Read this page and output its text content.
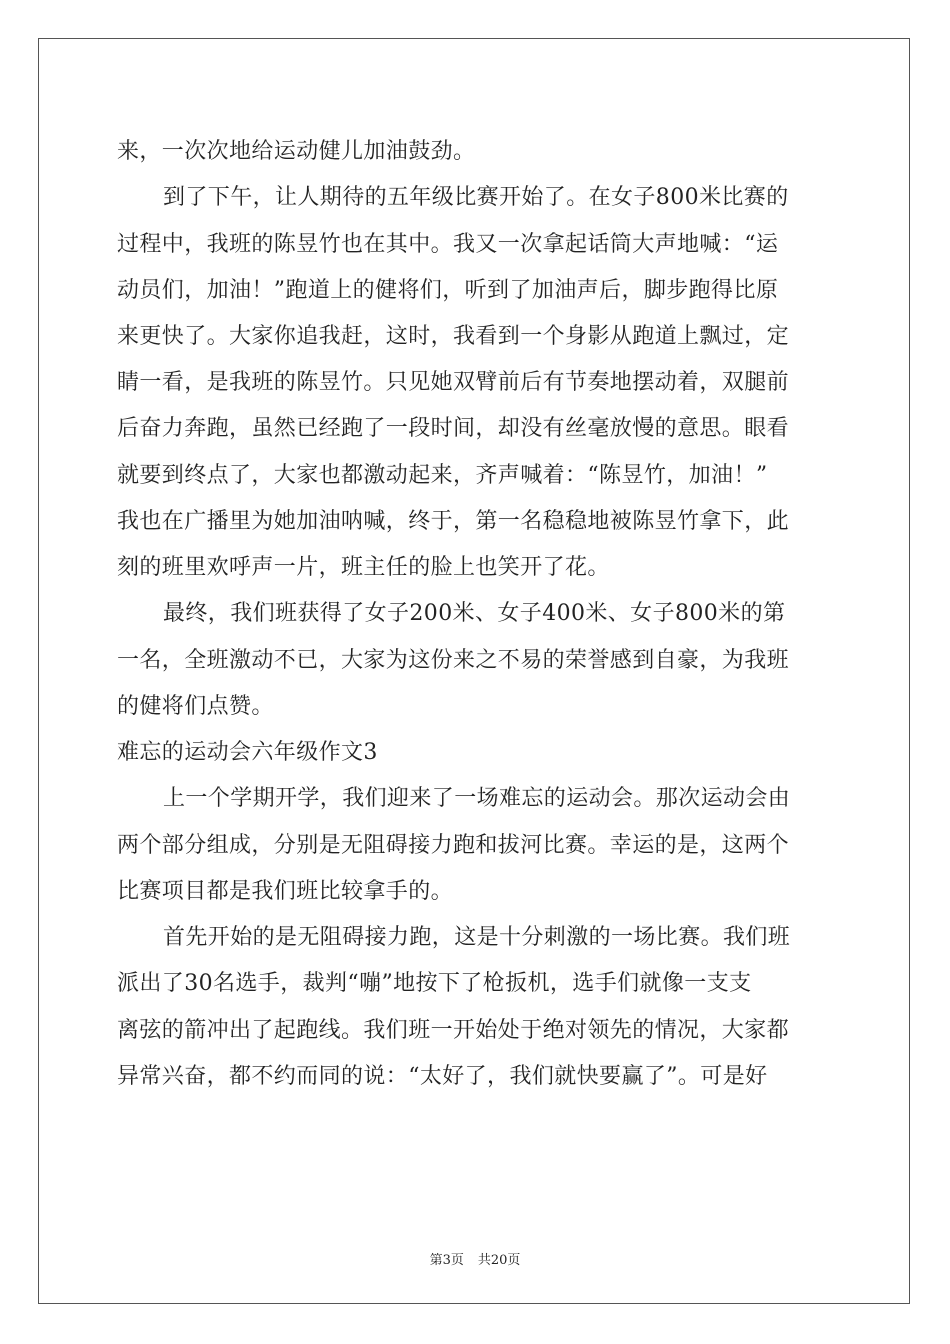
来，一次次地给运动健儿加油鼓劲。

到了下午，让人期待的五年级比赛开始了。在女子800米比赛的

过程中，我班的陈昱竹也在其中。我又一次拿起话筒大声地喊：“运

动员们，加油！”跑道上的健将们，听到了加油声后，脚步跑得比原

来更快了。大家你追我赶，这时，我看到一个身影从跑道上飘过，定

睛一看，是我班的陈昱竹。只见她双臂前后有节奏地摆动着，双腿前

后奋力奔跑，虽然已经跑了一段时间，却没有丝毫放慢的意思。眼看

就要到终点了，大家也都激动起来，齐声喊着：“陈昱竹，加油！”

我也在广播里为她加油呐喊，终于，第一名稳稳地被陈昱竹拿下，此

刻的班里欢呼声一片，班主任的脸上也笑开了花。

最终，我们班获得了女子200米、女子400米、女子800米的第

一名，全班激动不已，大家为这份来之不易的荣誉感到自豪，为我班

的健将们点赞。

难忘的运动会六年级作文3

上一个学期开学，我们迎来了一场难忘的运动会。那次运动会由

两个部分组成，分别是无阻碍接力跑和拔河比赛。幸运的是，这两个

比赛项目都是我们班比较拿手的。

首先开始的是无阻碍接力跑，这是十分刺激的一场比赛。我们班

派出了30名选手，裁判“嘣”地按下了枪扳机，选手们就像一支支

离弦的箭冲出了起跑线。我们班一开始处于绝对领先的情况，大家都

异常兴奋，都不约而同的说：“太好了，我们就快要赢了”。可是好

第3页 共20页
